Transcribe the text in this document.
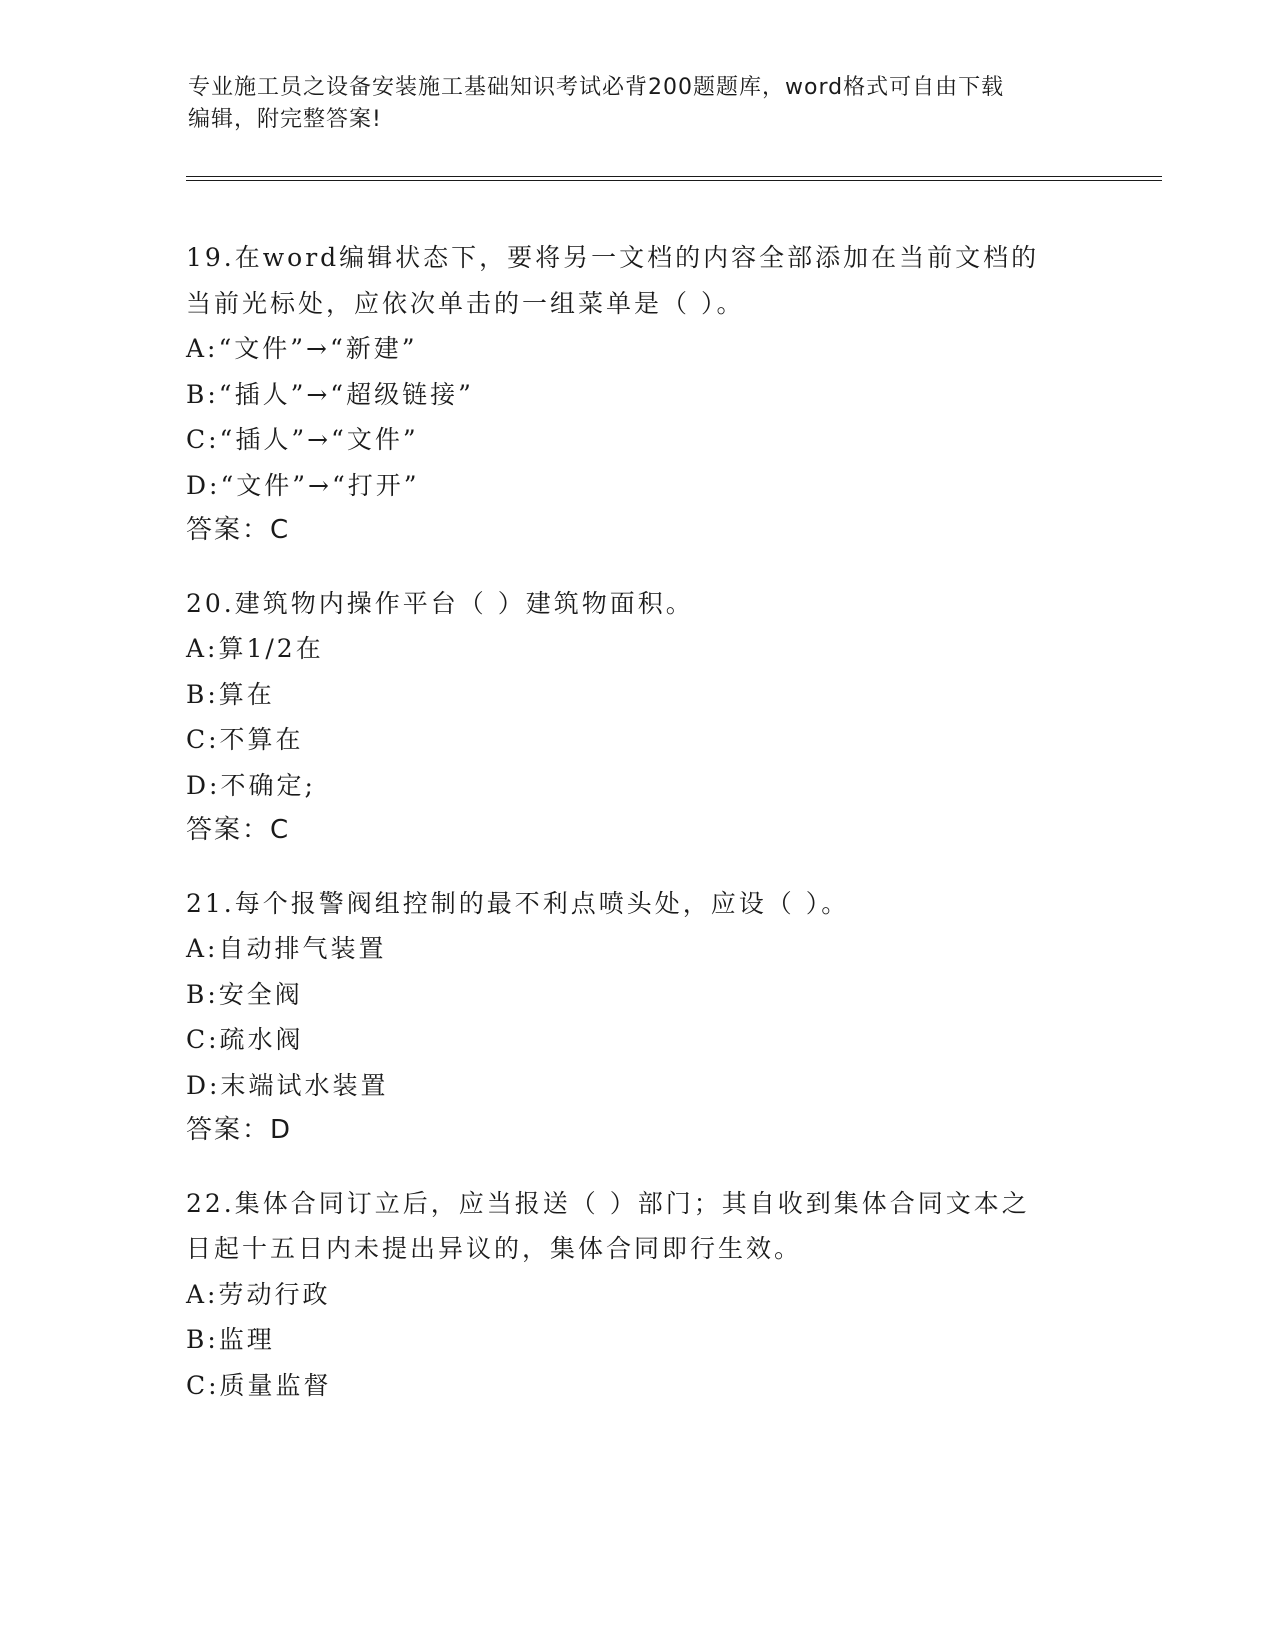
专业施工员之设备安装施工基础知识考试必背200题题库，word格式可自由下载
编辑，附完整答案!
19.在word编辑状态下，要将另一文档的内容全部添加在当前文档的
当前光标处，应依次单击的一组菜单是（ ）。
A:“文件”→“新建”
B:“插人”→“超级链接”
C:“插人”→“文件”
D:“文件”→“打开”
答案：C
20.建筑物内操作平台（ ）建筑物面积。
A:算1/2在
B:算在
C:不算在
D:不确定;
答案：C
21.每个报警阀组控制的最不利点喷头处，应设（ ）。
A:自动排气装置
B:安全阀
C:疏水阀
D:末端试水装置
答案：D
22.集体合同订立后，应当报送（ ）部门；其自收到集体合同文本之
日起十五日内未提出异议的，集体合同即行生效。
A:劳动行政
B:监理
C:质量监督
